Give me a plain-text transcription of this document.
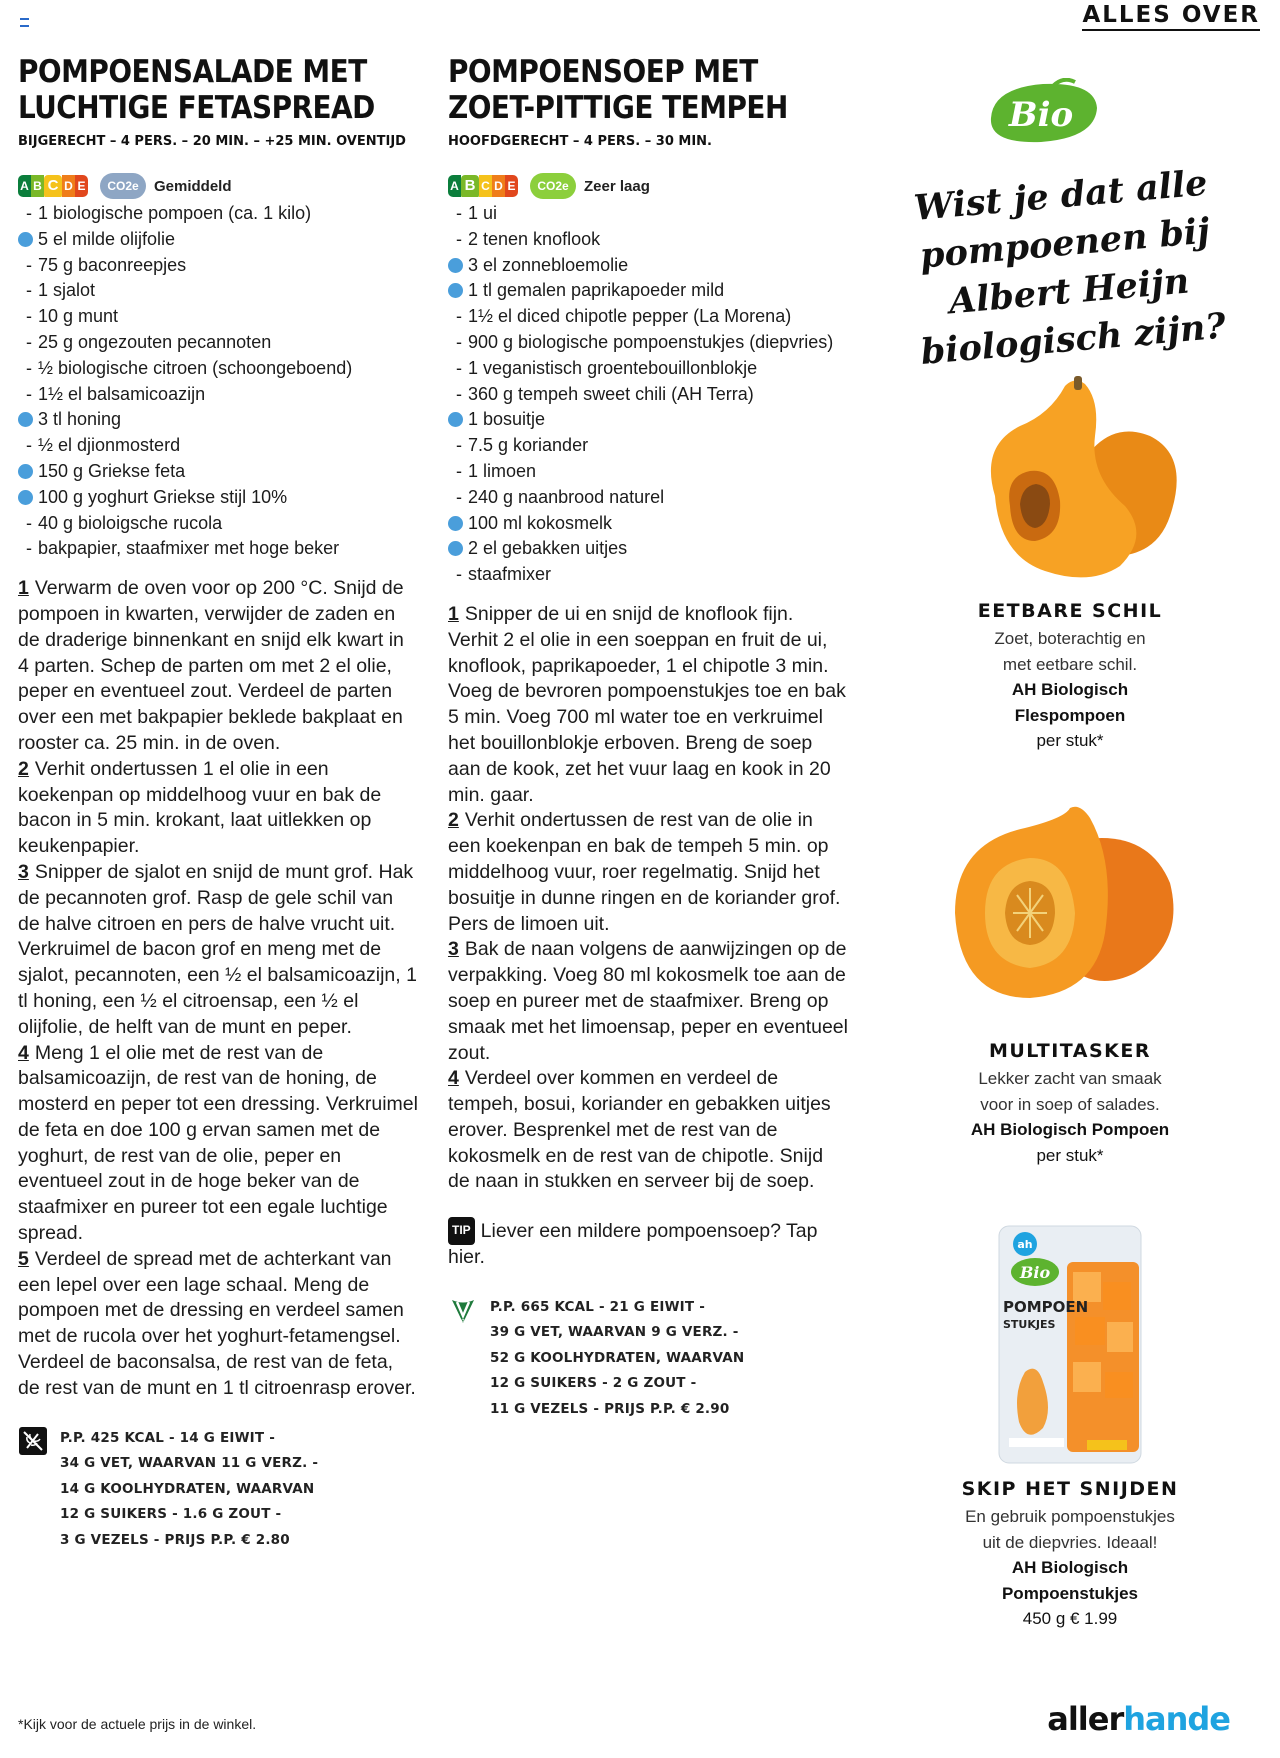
ALLES OVER
POMPOENSALADE MET
LUCHTIGE FETASPREAD
BIJGERECHT – 4 PERS. – 20 MIN. – +25 MIN. OVENTIJD
A B C D E	CO2e	Gemiddeld
- 1 biologische pompoen (ca. 1 kilo)
5 el milde olijfolie
- 75 g baconreepjes
- 1 sjalot
- 10 g munt
- 25 g ongezouten pecannoten
- ½ biologische citroen (schoongeboend)
- 1½ el balsamicoazijn
3 tl honing
- ½ el djionmosterd
150 g Griekse feta
100 g yoghurt Griekse stijl 10%
- 40 g bioloigsche rucola
- bakpapier, staafmixer met hoge beker

1 Verwarm de oven voor op 200 °C. Snijd de pompoen in kwarten, verwijder de zaden en de draderige binnenkant en snijd elk kwart in 4 parten. Schep de parten om met 2 el olie, peper en eventueel zout. Verdeel de parten over een met bakpapier beklede bakplaat en rooster ca. 25 min. in de oven.

2 Verhit ondertussen 1 el olie in een koekenpan op middelhoog vuur en bak de bacon in 5 min. krokant, laat uitlekken op keukenpapier.

3 Snipper de sjalot en snijd de munt grof. Hak de pecannoten grof. Rasp de gele schil van de halve citroen en pers de halve vrucht uit. Verkruimel de bacon grof en meng met de sjalot, pecannoten, een ½ el balsamicoazijn, 1 tl honing, een ½ el citroensap, een ½ el olijfolie, de helft van de munt en peper.

4 Meng 1 el olie met de rest van de balsamicoazijn, de rest van de honing, de mosterd en peper tot een dressing. Verkruimel de feta en doe 100 g ervan samen met de yoghurt, de rest van de olie, peper en eventueel zout in de hoge beker van de staafmixer en pureer tot een egale luchtige spread.

5 Verdeel de spread met de achterkant van een lepel over een lage schaal. Meng de pompoen met de dressing en verdeel samen met de rucola over het yoghurt-fetamengsel. Verdeel de baconsalsa, de rest van de feta, de rest van de munt en 1 tl citroenrasp erover.

P.P. 425 KCAL - 14 G EIWIT -
34 G VET, WAARVAN 11 G VERZ. -
14 G KOOLHYDRATEN, WAARVAN
12 G SUIKERS - 1.6 G ZOUT -
3 G VEZELS - PRIJS P.P. € 2.80
POMPOENSOEP MET
ZOET-PITTIGE TEMPEH
HOOFDGERECHT – 4 PERS. – 30 MIN.
A B C D E	CO2e	Zeer laag
- 1 ui
- 2 tenen knoflook
3 el zonnebloemolie
1 tl gemalen paprikapoeder mild
- 1½ el diced chipotle pepper (La Morena)
- 900 g biologische pompoenstukjes (diepvries)
- 1 veganistisch groentebouillonblokje
- 360 g tempeh sweet chili (AH Terra)
1 bosuitje
- 7.5 g koriander
- 1 limoen
- 240 g naanbrood naturel
100 ml kokosmelk
2 el gebakken uitjes
- staafmixer

1 Snipper de ui en snijd de knoflook fijn. Verhit 2 el olie in een soeppan en fruit de ui, knoflook, paprikapoeder, 1 el chipotle 3 min. Voeg de bevroren pompoenstukjes toe en bak 5 min. Voeg 700 ml water toe en verkruimel het bouillonblokje erboven. Breng de soep aan de kook, zet het vuur laag en kook in 20 min. gaar.

2 Verhit ondertussen de rest van de olie in een koekenpan en bak de tempeh 5 min. op middelhoog vuur, roer regelmatig. Snijd het bosuitje in dunne ringen en de koriander grof. Pers de limoen uit.

3 Bak de naan volgens de aanwijzingen op de verpakking. Voeg 80 ml kokosmelk toe aan de soep en pureer met de staafmixer. Breng op smaak met het limoensap, peper en eventueel zout.

4 Verdeel over kommen en verdeel de tempeh, bosui, koriander en gebakken uitjes erover. Besprenkel met de rest van de kokosmelk en de rest van de chipotle. Snijd de naan in stukken en serveer bij de soep.

TIP Liever een mildere pompoensoep? Tap hier.
Vegan
P.P. 665 KCAL - 21 G EIWIT -
39 G VET, WAARVAN 9 G VERZ. -
52 G KOOLHYDRATEN, WAARVAN
12 G SUIKERS - 2 G ZOUT -
11 G VEZELS - PRIJS P.P. € 2.90
Bio
Wist je dat alle
pompoenen bij Albert Heijn
biologisch zijn?
ah
Bio
POMPOEN
STUKJES
EETBARE SCHIL
Zoet, boterachtig en
met eetbare schil.
AH Biologisch
Flespompoen
per stuk*
MULTITASKER
Lekker zacht van smaak
voor in soep of salades.
AH Biologisch Pompoen
per stuk*
SKIP HET SNIJDEN
En gebruik pompoenstukjes
uit de diepvries. Ideaal!
AH Biologisch
Pompoenstukjes
450 g € 1.99
*Kijk voor de actuele prijs in de winkel.	allerhande
